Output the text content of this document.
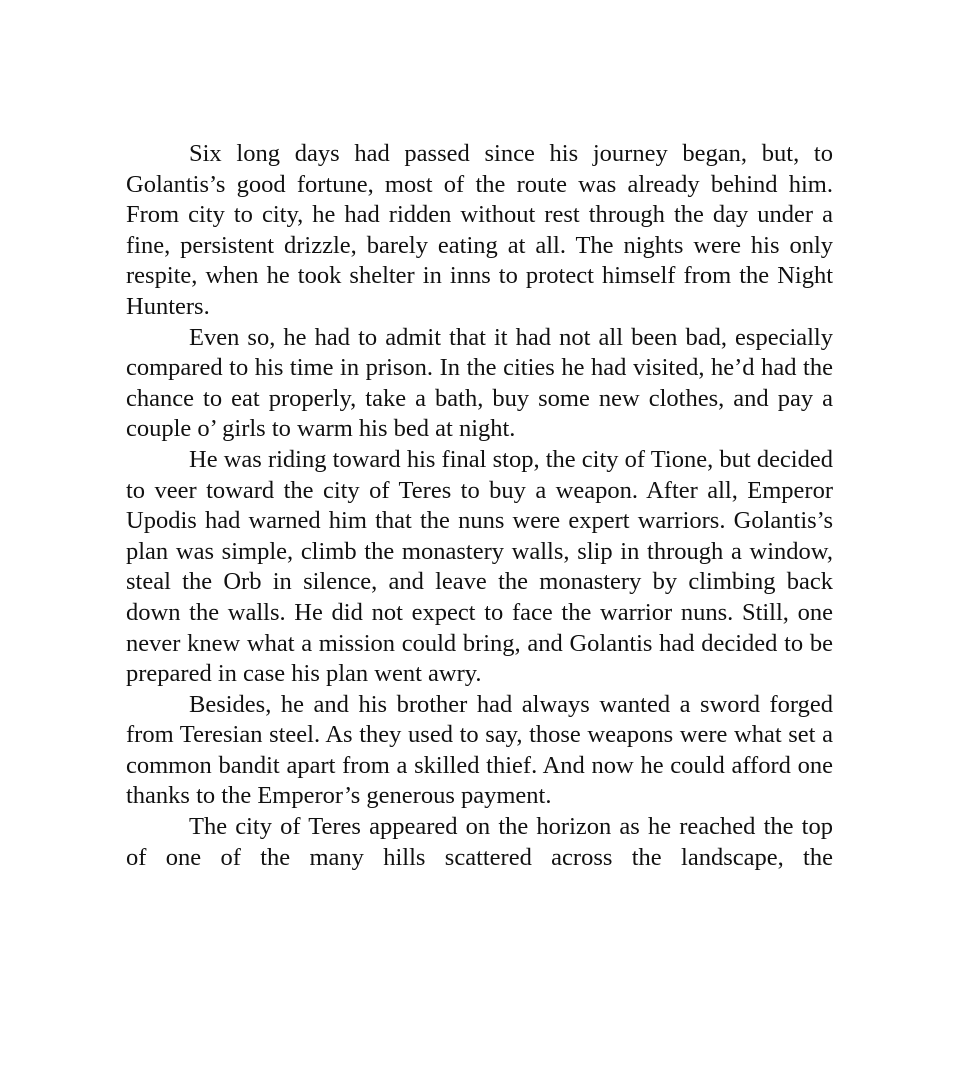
Six long days had passed since his journey began, but, to Golantis’s good fortune, most of the route was already behind him. From city to city, he had ridden without rest through the day under a fine, persistent drizzle, barely eating at all. The nights were his only respite, when he took shelter in inns to protect himself from the Night Hunters.

Even so, he had to admit that it had not all been bad, especially compared to his time in prison. In the cities he had visited, he’d had the chance to eat properly, take a bath, buy some new clothes, and pay a couple o’ girls to warm his bed at night.

He was riding toward his final stop, the city of Tione, but decided to veer toward the city of Teres to buy a weapon. After all, Emperor Upodis had warned him that the nuns were expert warriors. Golantis’s plan was simple, climb the monastery walls, slip in through a window, steal the Orb in silence, and leave the monastery by climbing back down the walls. He did not expect to face the warrior nuns. Still, one never knew what a mission could bring, and Golantis had decided to be prepared in case his plan went awry.

Besides, he and his brother had always wanted a sword forged from Teresian steel. As they used to say, those weapons were what set a common bandit apart from a skilled thief. And now he could afford one thanks to the Emperor’s generous payment.

The city of Teres appeared on the horizon as he reached the top of one of the many hills scattered across the landscape, the
